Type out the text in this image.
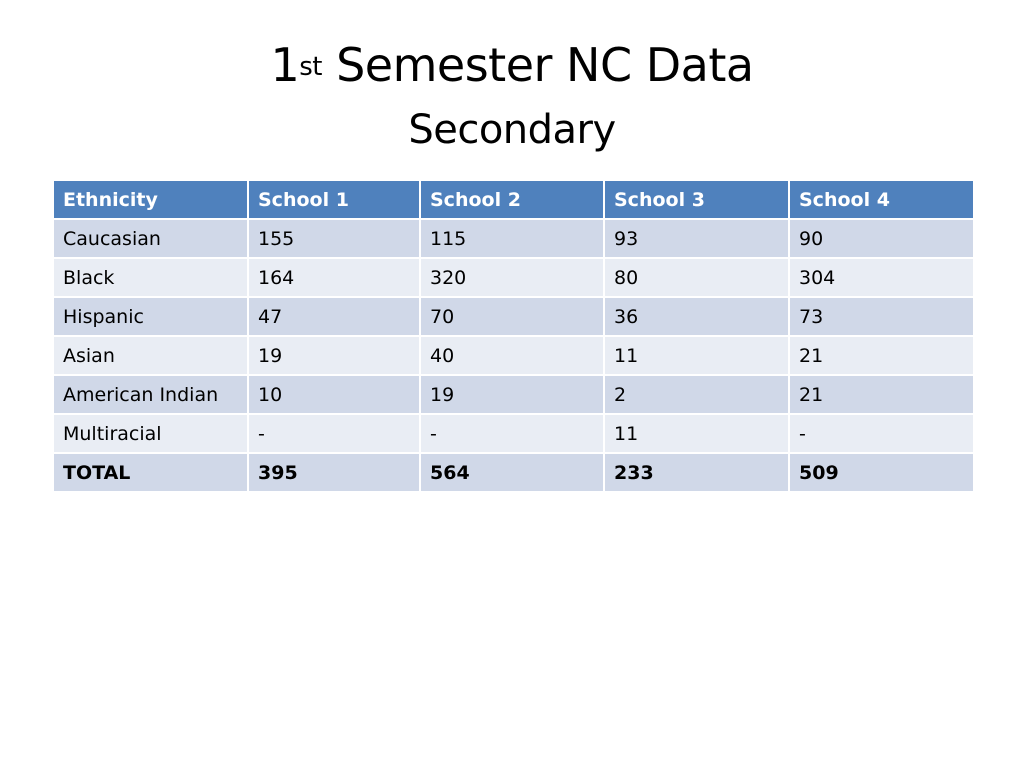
1st Semester NC Data
Secondary
Ethnicity	School 1	School 2	School 3	School 4
Caucasian	155	115	93	90
Black	164	320	80	304
Hispanic	47	70	36	73
Asian	19	40	11	21
American Indian	10	19	2	21
Multiracial	-	-	11	-
TOTAL	395	564	233	509
